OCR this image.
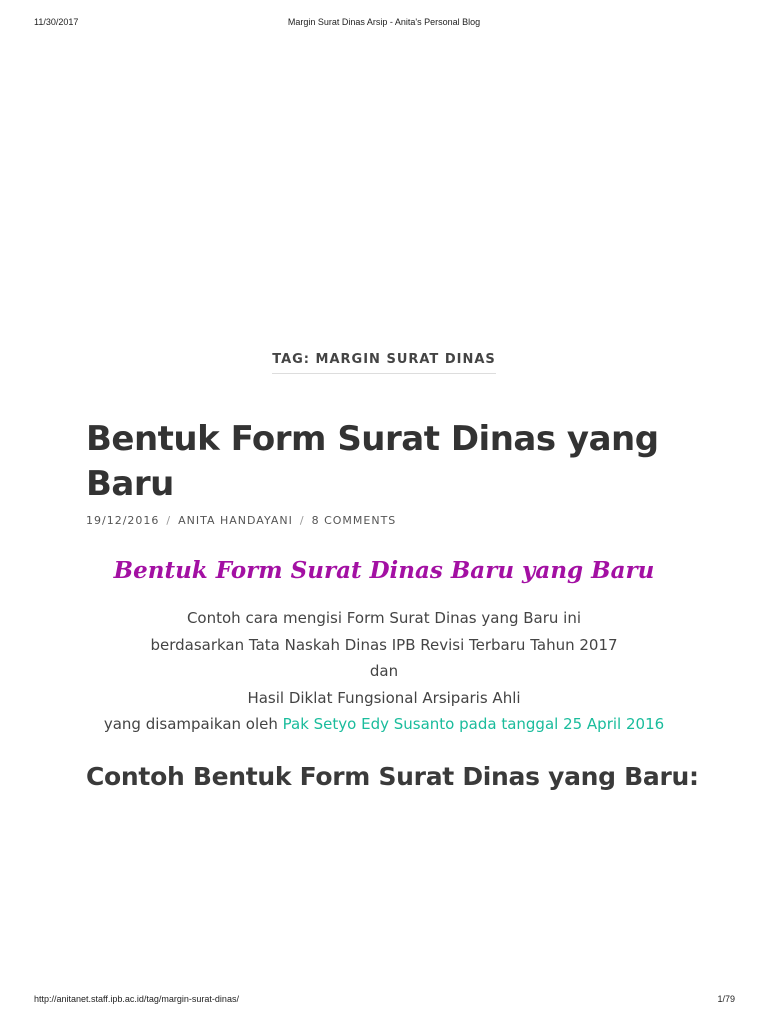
Margin Surat Dinas Arsip - Anita's Personal Blog
11/30/2017
TAG: MARGIN SURAT DINAS
Bentuk Form Surat Dinas yang Baru
19/12/2016 / ANITA HANDAYANI / 8 COMMENTS
Bentuk Form Surat Dinas Baru yang Baru

Contoh cara mengisi Form Surat Dinas yang Baru ini

berdasarkan Tata Naskah Dinas IPB Revisi Terbaru Tahun 2017

dan

Hasil Diklat Fungsional Arsiparis Ahli

yang disampaikan oleh Pak Setyo Edy Susanto pada tanggal 25 April 2016

Contoh Bentuk Form Surat Dinas yang Baru:
http://anitanet.staff.ipb.ac.id/tag/margin-surat-dinas/	1/79
